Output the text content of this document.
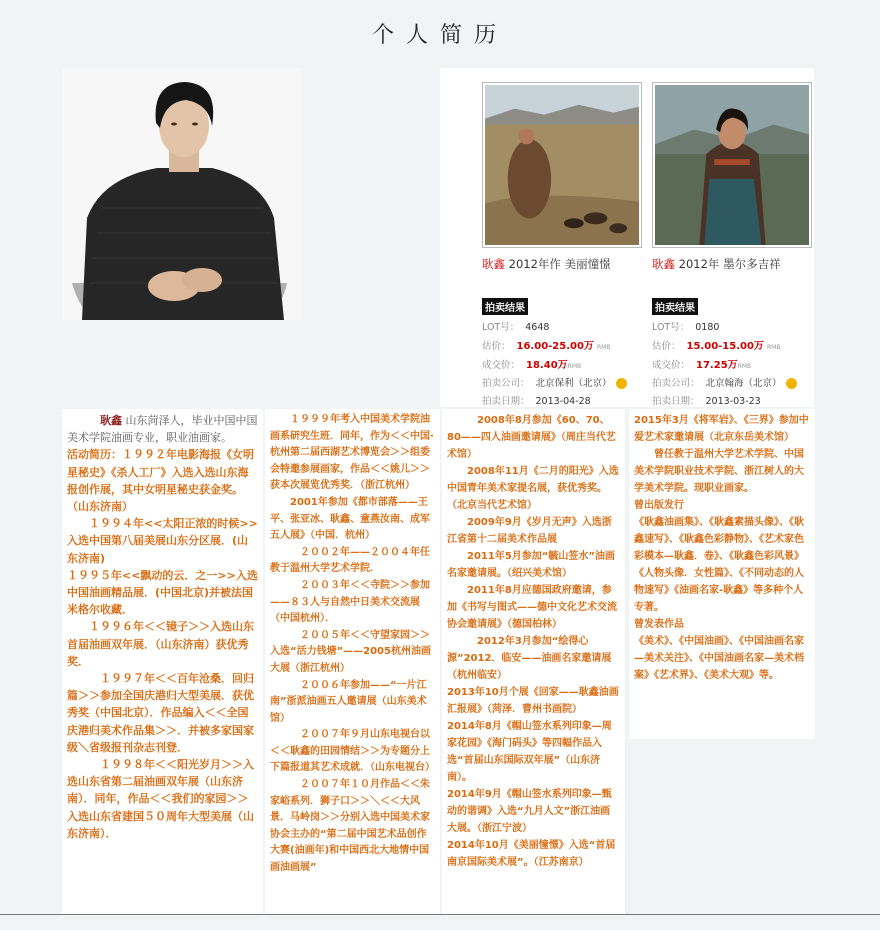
个人简历
耿鑫 2012年作 美丽憧憬
拍卖结果
LOT号： 4648
估价： 16.00-25.00万 RMB
成交价： 18.40万RMB
拍卖公司： 北京保利（北京）
拍卖日期： 2013-04-28
耿鑫 2012年 墨尔多吉祥
拍卖结果
LOT号： 0180
估价： 15.00-15.00万 RMB
成交价： 17.25万RMB
拍卖公司： 北京翰海（北京）
拍卖日期： 2013-03-23

　　　耿鑫 山东菏泽人，毕业中国中国美术学院油画专业，职业油画家。

活动简历：１９９２年电影海报《女明星秘史》《杀人工厂》入选入选山东海报创作展，其中女明星秘史获金奖。（山东济南）

　　１９９４年<<太阳正浓的时候>>入选中国第八届美展山东分区展．(山东济南)

１９９５年<<飘动的云．之一>>入选中国油画精品展．(中国北京)并被法国米格尔收藏．

　　１９９６年＜＜镜子＞＞入选山东首届油画双年展．（山东济南）获优秀奖．

　　　１９９７年＜＜百年沧桑．回归篇＞＞参加全国庆港归大型美展．获优秀奖（中国北京）．作品编入＜＜全国庆港归美术作品集＞＞．并被多家国家级＼省级报刊杂志刊登．

　　　１９９８年＜＜阳光岁月＞＞入选山东省第二届油画双年展（山东济南）．同年，作品＜＜我们的家园＞＞入选山东省建国５０周年大型美展（山东济南）．

　　１９９９年考入中国美术学院油画系研究生班．同年，作为＜＜中国·杭州第二届西湖艺术博览会＞＞组委会特邀参展画家，作品＜＜姚儿＞＞获本次展览优秀奖．（浙江杭州）

　　2001年参加《都市部落——王平、张亚冰、耿鑫、童燕汝南、成军五人展》（中国．杭州）

　　　２００２年——２００４年任教于温州大学艺术学院．

　　　２００３年＜＜寺院＞＞参加——８３人与自然中日美术交流展（中国杭州）．

　　　２００５年＜＜守望家园＞＞入选“活力钱塘”——2005杭州油画大展（浙江杭州）

　　　２００６年参加——“一片江南”浙派油画五人邀请展（山东美术馆）

　　　２００７年９月山东电视台以＜＜耿鑫的田园情结＞＞为专题分上下篇报道其艺术成就．（山东电视台）

　　　２００７年１０月作品＜＜朱家峪系列．狮子口＞＞＼＜＜大风景．马岭岗＞＞分别入选中国美术家协会主办的“第二届中国艺术品创作大赛(油画年)和中国西北大地情中国画油画展”

　　　2008年8月参加《60、70、80——四人油画邀请展》（周庄当代艺术馆）

　　2008年11月《二月的阳光》入选中国青年美术家提名展，获优秀奖。（北京当代艺术馆）

　　2009年9月《岁月无声》入选浙江省第十二届美术作品展

　　2011年5月参加“毓山签水”油画名家邀请展。（绍兴美术馆）

　　2011年8月应德国政府邀请，参加《书写与图式——德中文化艺术交流协会邀请展》（德国柏林）

　　　2012年3月参加“绘得心源”2012．临安——油画名家邀请展（杭州临安）

2013年10月个展《回家——耿鑫油画汇报展》（菏泽．曹州书画院）

2014年8月《帽山签水系列印象—周家花园》《海门码头》等四幅作品入选“首届山东国际双年展”（山东济南）。

2014年9月《帽山签水系列印象—甄动的谐调》入选“九月人文”浙江油画大展。（浙江宁波）

2014年10月《美丽憧憬》入选“首届南京国际美术展”。（江苏南京）

2015年3月《将军岩》、《三界》参加中爱艺术家邀请展（北京东岳美术馆）

　　曾任教于温州大学艺术学院、中国美术学院职业技术学院、浙江树人的大学美术学院。现职业画家。

曾出版发行

《耿鑫油画集》、《耿鑫素描头像》、《耿鑫速写》、《耿鑫色彩静物》、《艺术家色彩模本—耿鑫．卷》、《耿鑫色彩风景》《人物头像．女性篇》、《不同动态的人物速写》《油画名家-耿鑫》等多种个人专著。

曾发表作品

《美术》、《中国油画》、《中国油画名家—美术关注》、《中国油画名家—美术档案》《艺术界》、《美术大观》等。
